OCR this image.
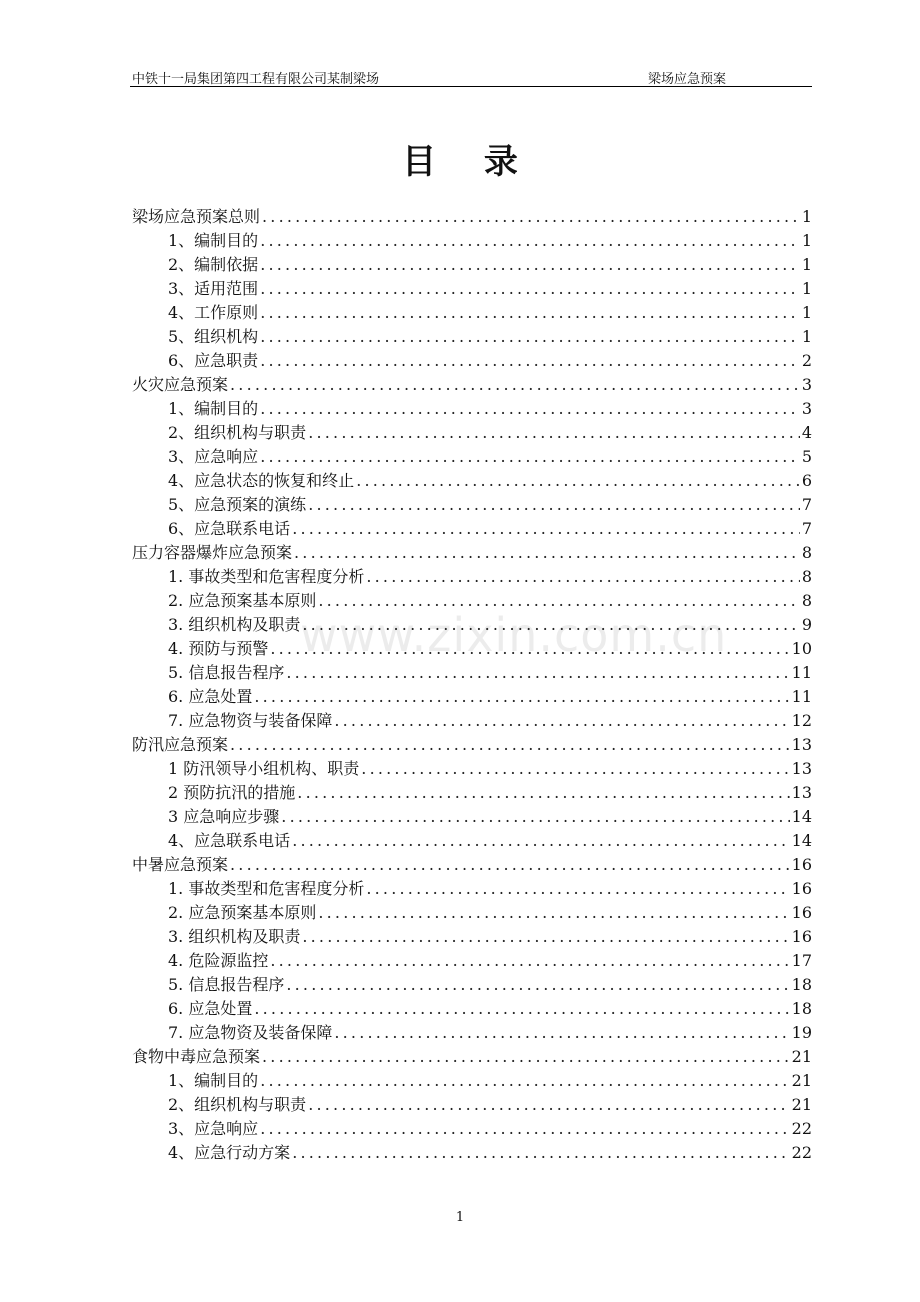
中铁十一局集团第四工程有限公司某制梁场	梁场应急预案
目 录
www.zixin.com.cn
梁场应急预案总则 .....	1
1、编制目的 .....	1
2、编制依据 .....	1
3、适用范围 .....	1
4、工作原则 .....	1
5、组织机构 .....	1
6、应急职责 .....	2
火灾应急预案 .....	3
1、编制目的 .....	3
2、组织机构与职责 .....	4
3、应急响应 .....	5
4、应急状态的恢复和终止 .....	6
5、应急预案的演练 .....	7
6、应急联系电话 .....	7
压力容器爆炸应急预案 .....	8
1. 事故类型和危害程度分析 .....	8
2. 应急预案基本原则 .....	8
3. 组织机构及职责 .....	9
4. 预防与预警 .....	10
5. 信息报告程序 .....	11
6. 应急处置 .....	11
7. 应急物资与装备保障 .....	12
防汛应急预案 .....	13
1 防汛领导小组机构、职责 .....	13
2 预防抗汛的措施 .....	13
3 应急响应步骤 .....	14
4、应急联系电话 .....	14
中暑应急预案 .....	16
1. 事故类型和危害程度分析 .....	16
2. 应急预案基本原则 .....	16
3. 组织机构及职责 .....	16
4. 危险源监控 .....	17
5. 信息报告程序 .....	18
6. 应急处置 .....	18
7. 应急物资及装备保障 .....	19
食物中毒应急预案 .....	21
1、编制目的 .....	21
2、组织机构与职责 .....	21
3、应急响应 .....	22
4、应急行动方案 .....	22
1
